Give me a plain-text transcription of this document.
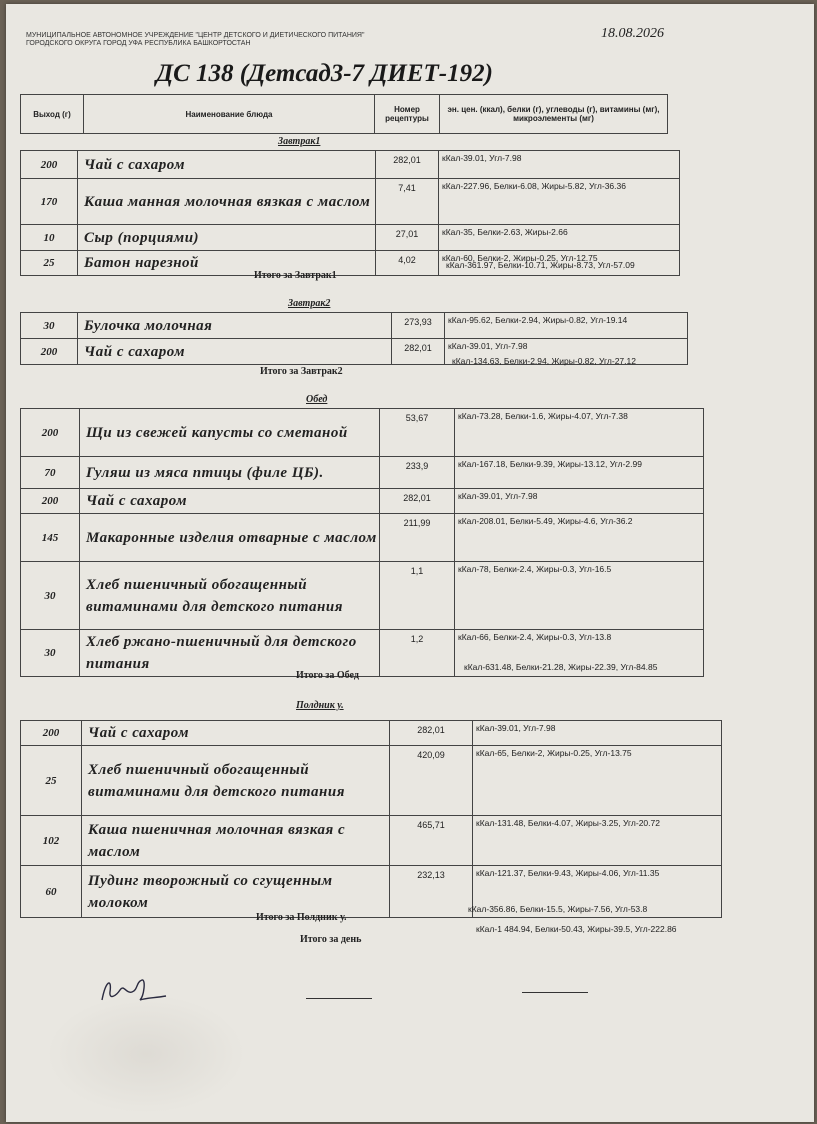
МУНИЦИПАЛЬНОЕ АВТОНОМНОЕ УЧРЕЖДЕНИЕ "ЦЕНТР ДЕТСКОГО И ДИЕТИЧЕСКОГО ПИТАНИЯ" ГОРОДСКОГО ОКРУГА ГОРОД УФА РЕСПУБЛИКА БАШКОРТОСТАН
18.08.2026
ДС 138 (Детсад3-7 ДИЕТ-192)
Выход (г)	Наименование блюда	Номер рецептуры	эн. цен. (ккал), белки (г), углеводы (г), витамины (мг), микроэлементы (мг)
Завтрак1
200	Чай с сахаром	282,01	кКал-39.01, Угл-7.98
170	Каша манная молочная вязкая с маслом	7,41	кКал-227.96, Белки-6.08, Жиры-5.82, Угл-36.36
10	Сыр (порциями)	27,01	кКал-35, Белки-2.63, Жиры-2.66
25	Батон нарезной	4,02	кКал-60, Белки-2, Жиры-0.25, Угл-12.75
Итого за Завтрак1
кКал-361.97, Белки-10.71, Жиры-8.73, Угл-57.09
Завтрак2
30	Булочка молочная	273,93	кКал-95.62, Белки-2.94, Жиры-0.82, Угл-19.14
200	Чай с сахаром	282,01	кКал-39.01, Угл-7.98
Итого за Завтрак2
кКал-134.63, Белки-2.94, Жиры-0.82, Угл-27.12
Обед
200	Щи из свежей капусты со сметаной	53,67	кКал-73.28, Белки-1.6, Жиры-4.07, Угл-7.38
70	Гуляш из мяса птицы (филе ЦБ).	233,9	кКал-167.18, Белки-9.39, Жиры-13.12, Угл-2.99
200	Чай с сахаром	282,01	кКал-39.01, Угл-7.98
145	Макаронные изделия отварные с маслом	211,99	кКал-208.01, Белки-5.49, Жиры-4.6, Угл-36.2
30	Хлеб пшеничный обогащенный витаминами для детского питания	1,1	кКал-78, Белки-2.4, Жиры-0.3, Угл-16.5
30	Хлеб ржано-пшеничный для детского питания	1,2	кКал-66, Белки-2.4, Жиры-0.3, Угл-13.8
Итого за Обед
кКал-631.48, Белки-21.28, Жиры-22.39, Угл-84.85
Полдник у.
200	Чай с сахаром	282,01	кКал-39.01, Угл-7.98
25	Хлеб пшеничный обогащенный витаминами для детского питания	420,09	кКал-65, Белки-2, Жиры-0.25, Угл-13.75
102	Каша пшеничная молочная вязкая с маслом	465,71	кКал-131.48, Белки-4.07, Жиры-3.25, Угл-20.72
60	Пудинг творожный со сгущенным молоком	232,13	кКал-121.37, Белки-9.43, Жиры-4.06, Угл-11.35
Итого за Полдник у.
кКал-356.86, Белки-15.5, Жиры-7.56, Угл-53.8
Итого за день
кКал-1 484.94, Белки-50.43, Жиры-39.5, Угл-222.86
